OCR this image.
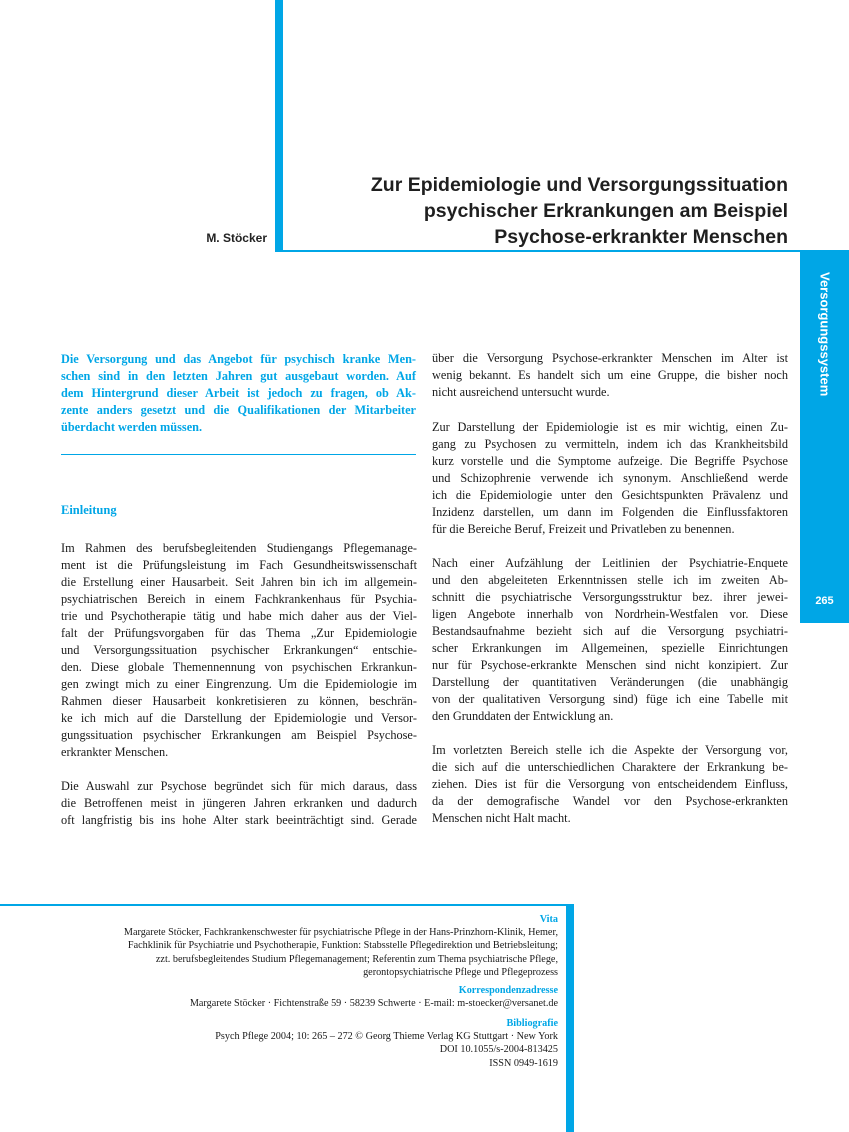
M. Stöcker
Zur Epidemiologie und Versorgungssituation
psychischer Erkrankungen am Beispiel
Psychose-erkrankter Menschen
Versorgungssystem
265
Die Versorgung und das Angebot für psychisch kranke Men-
schen sind in den letzten Jahren gut ausgebaut worden. Auf
dem Hintergrund dieser Arbeit ist jedoch zu fragen, ob Ak-
zente anders gesetzt und die Qualifikationen der Mitarbeiter
überdacht werden müssen.
Einleitung
Im Rahmen des berufsbegleitenden Studiengangs Pflegemanage-
ment ist die Prüfungsleistung im Fach Gesundheitswissenschaft
die Erstellung einer Hausarbeit. Seit Jahren bin ich im allgemein-
psychiatrischen Bereich in einem Fachkrankenhaus für Psychia-
trie und Psychotherapie tätig und habe mich daher aus der Viel-
falt der Prüfungsvorgaben für das Thema „Zur Epidemiologie
und Versorgungssituation psychischer Erkrankungen“ entschie-
den. Diese globale Themennennung von psychischen Erkrankun-
gen zwingt mich zu einer Eingrenzung. Um die Epidemiologie im
Rahmen dieser Hausarbeit konkretisieren zu können, beschrän-
ke ich mich auf die Darstellung der Epidemiologie und Versor-
gungssituation psychischer Erkrankungen am Beispiel Psychose-
erkrankter Menschen.
Die Auswahl zur Psychose begründet sich für mich daraus, dass
die Betroffenen meist in jüngeren Jahren erkranken und dadurch
oft langfristig bis ins hohe Alter stark beeinträchtigt sind. Gerade
über die Versorgung Psychose-erkrankter Menschen im Alter ist
wenig bekannt. Es handelt sich um eine Gruppe, die bisher noch
nicht ausreichend untersucht wurde.
Zur Darstellung der Epidemiologie ist es mir wichtig, einen Zu-
gang zu Psychosen zu vermitteln, indem ich das Krankheitsbild
kurz vorstelle und die Symptome aufzeige. Die Begriffe Psychose
und Schizophrenie verwende ich synonym. Anschließend werde
ich die Epidemiologie unter den Gesichtspunkten Prävalenz und
Inzidenz darstellen, um dann im Folgenden die Einflussfaktoren
für die Bereiche Beruf, Freizeit und Privatleben zu benennen.
Nach einer Aufzählung der Leitlinien der Psychiatrie-Enquete
und den abgeleiteten Erkenntnissen stelle ich im zweiten Ab-
schnitt die psychiatrische Versorgungsstruktur bez. ihrer jewei-
ligen Angebote innerhalb von Nordrhein-Westfalen vor. Diese
Bestandsaufnahme bezieht sich auf die Versorgung psychiatri-
scher Erkrankungen im Allgemeinen, spezielle Einrichtungen
nur für Psychose-erkrankte Menschen sind nicht konzipiert. Zur
Darstellung der quantitativen Veränderungen (die unabhängig
von der qualitativen Versorgung sind) füge ich eine Tabelle mit
den Grunddaten der Entwicklung an.
Im vorletzten Bereich stelle ich die Aspekte der Versorgung vor,
die sich auf die unterschiedlichen Charaktere der Erkrankung be-
ziehen. Dies ist für die Versorgung von entscheidendem Einfluss,
da der demografische Wandel vor den Psychose-erkrankten
Menschen nicht Halt macht.
Vita
Margarete Stöcker, Fachkrankenschwester für psychiatrische Pflege in der Hans-Prinzhorn-Klinik, Hemer,
Fachklinik für Psychiatrie und Psychotherapie, Funktion: Stabsstelle Pflegedirektion und Betriebsleitung;
zzt. berufsbegleitendes Studium Pflegemanagement; Referentin zum Thema psychiatrische Pflege,
gerontopsychiatrische Pflege und Pflegeprozess
Korrespondenzadresse
Margarete Stöcker · Fichtenstraße 59 · 58239 Schwerte · E-mail: m-stoecker@versanet.de
Bibliografie
Psych Pflege 2004; 10: 265 – 272 © Georg Thieme Verlag KG Stuttgart · New York
DOI 10.1055/s-2004-813425
ISSN 0949-1619
